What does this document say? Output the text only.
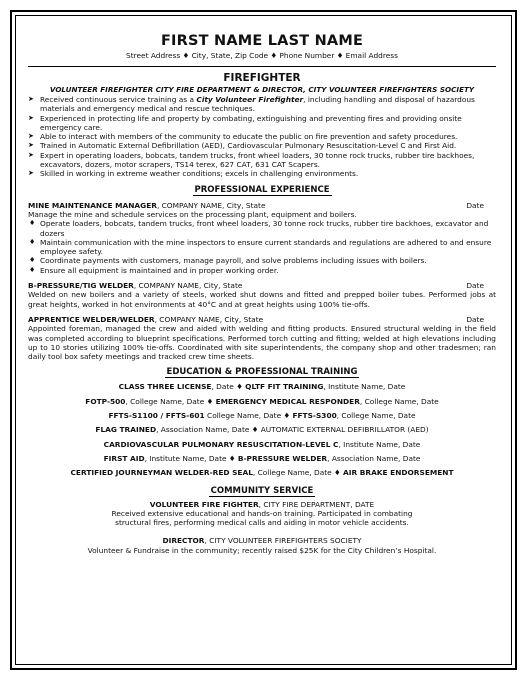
FIRST NAME LAST NAME
Street Address ♦ City, State, Zip Code ♦ Phone Number ♦ Email Address
FIREFIGHTER
VOLUNTEER FIREFIGHTER CITY FIRE DEPARTMENT & DIRECTOR, CITY VOLUNTEER FIREFIGHTERS SOCIETY
➤ Received continuous service training as a City Volunteer Firefighter, including handling and disposal of hazardous materials and emergency medical and rescue techniques.
➤ Experienced in protecting life and property by combating, extinguishing and preventing fires and providing onsite emergency care.
➤ Able to interact with members of the community to educate the public on fire prevention and safety procedures.
➤ Trained in Automatic External Defibrillation (AED), Cardiovascular Pulmonary Resuscitation-Level C and First Aid.
➤ Expert in operating loaders, bobcats, tandem trucks, front wheel loaders, 30 tonne rock trucks, rubber tire backhoes, excavators, dozers, motor scrapers, TS14 terex, 627 CAT, 631 CAT Scapers.
➤ Skilled in working in extreme weather conditions; excels in challenging environments.
PROFESSIONAL EXPERIENCE
MINE MAINTENANCE MANAGER, COMPANY NAME, City, State	Date
Manage the mine and schedule services on the processing plant, equipment and boilers.
♦ Operate loaders, bobcats, tandem trucks, front wheel loaders, 30 tonne rock trucks, rubber tire backhoes, excavator and dozers
♦ Maintain communication with the mine inspectors to ensure current standards and regulations are adhered to and ensure employee safety.
♦ Coordinate payments with customers, manage payroll, and solve problems including issues with boilers.
♦ Ensure all equipment is maintained and in proper working order.
B-PRESSURE/TIG WELDER, COMPANY NAME, City, State	Date
Welded on new boilers and a variety of steels, worked shut downs and fitted and prepped boiler tubes. Performed jobs at great heights, worked in hot environments at 40°C and at great heights using 100% tie-offs.
APPRENTICE WELDER/WELDER, COMPANY NAME, City, State	Date
Appointed foreman, managed the crew and aided with welding and fitting products. Ensured structural welding in the field was completed according to blueprint specifications. Performed torch cutting and fitting; welded at high elevations including up to 10 stories utilizing 100% tie-offs. Coordinated with site superintendents, the company shop and other tradesmen; ran daily tool box safety meetings and tracked crew time sheets.
EDUCATION & PROFESSIONAL TRAINING
CLASS THREE LICENSE, Date ♦ QLTF FIT TRAINING, Institute Name, Date
FOTP-500, College Name, Date ♦ EMERGENCY MEDICAL RESPONDER, College Name, Date
FFTS-S1100 / FFTS-601 College Name, Date ♦ FFTS-S300, College Name, Date
FLAG TRAINED, Association Name, Date ♦ AUTOMATIC EXTERNAL DEFIBRILLATOR (AED)
CARDIOVASCULAR PULMONARY RESUSCITATION-LEVEL C, Institute Name, Date
FIRST AID, Institute Name, Date ♦ B-PRESSURE WELDER, Association Name, Date
CERTIFIED JOURNEYMAN WELDER-RED SEAL, College Name, Date ♦ AIR BRAKE ENDORSEMENT
COMMUNITY SERVICE
VOLUNTEER FIRE FIGHTER, CITY FIRE DEPARTMENT, DATE
Received extensive educational and hands-on training. Participated in combating structural fires, performing medical calls and aiding in motor vehicle accidents.
DIRECTOR, CITY VOLUNTEER FIREFIGHTERS SOCIETY
Volunteer & Fundraise in the community; recently raised $25K for the City Children’s Hospital.
